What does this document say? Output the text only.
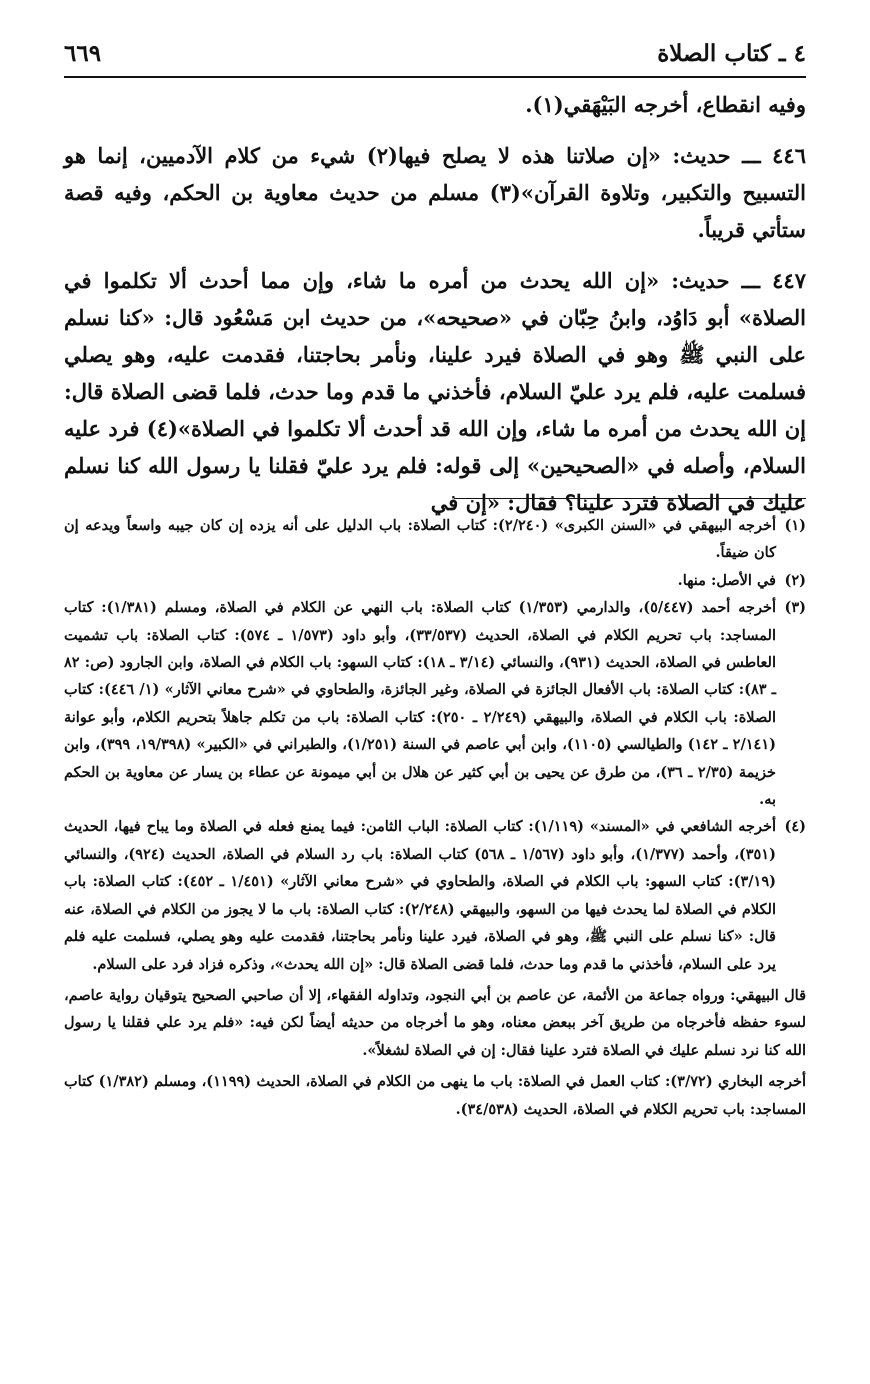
٦٦٩	٤ ـ كتاب الصلاة

وفيه انقطاع، أخرجه البَيْهَقي(١).

٤٤٦ ـــ حديث: «إن صلاتنا هذه لا يصلح فيها(٢) شيء من كلام الآدميين، إنما هو التسبيح والتكبير، وتلاوة القرآن»(٣) مسلم من حديث معاوية بن الحكم، وفيه قصة ستأتي قريباً.

٤٤٧ ـــ حديث: «إن الله يحدث من أمره ما شاء، وإن مما أحدث ألا تكلموا في الصلاة» أبو دَاوُد، وابنُ حِبّان في «صحيحه»، من حديث ابن مَسْعُود قال: «كنا نسلم على النبي ﷺ وهو في الصلاة فيرد علينا، ونأمر بحاجتنا، فقدمت عليه، وهو يصلي فسلمت عليه، فلم يرد عليّ السلام، فأخذني ما قدم وما حدث، فلما قضى الصلاة قال: إن الله يحدث من أمره ما شاء، وإن الله قد أحدث ألا تكلموا في الصلاة»(٤) فرد عليه السلام، وأصله في «الصحيحين» إلى قوله: فلم يرد عليّ فقلنا يا رسول الله كنا نسلم عليك في الصلاة فترد علينا؟ فقال: «إن في

(١)أخرجه البيهقي في «السنن الكبرى» (٢/٢٤٠): كتاب الصلاة: باب الدليل على أنه يزده إن كان جيبه واسعاً ويدعه إن كان ضيقاً.

(٢)في الأصل: منها.

(٣)أخرجه أحمد (٥/٤٤٧)، والدارمي (١/٣٥٣) كتاب الصلاة: باب النهي عن الكلام في الصلاة، ومسلم (١/٣٨١): كتاب المساجد: باب تحريم الكلام في الصلاة، الحديث (٣٣/٥٣٧)، وأبو داود (١/٥٧٣ ـ ٥٧٤): كتاب الصلاة: باب تشميت العاطس في الصلاة، الحديث (٩٣١)، والنسائي (٣/١٤ ـ ١٨): كتاب السهو: باب الكلام في الصلاة، وابن الجارود (ص: ٨٢ ـ ٨٣): كتاب الصلاة: باب الأفعال الجائزة في الصلاة، وغير الجائزة، والطحاوي في «شرح معاني الآثار» (١/ ٤٤٦): كتاب الصلاة: باب الكلام في الصلاة، والبيهقي (٢/٢٤٩ ـ ٢٥٠): كتاب الصلاة: باب من تكلم جاهلاً بتحريم الكلام، وأبو عوانة (٢/١٤١ ـ ١٤٢) والطيالسي (١١٠٥)، وابن أبي عاصم في السنة (١/٢٥١)، والطبراني في «الكبير» (١٩/٣٩٨، ٣٩٩)، وابن خزيمة (٢/٣٥ ـ ٣٦)، من طرق عن يحيى بن أبي كثير عن هلال بن أبي ميمونة عن عطاء بن يسار عن معاوية بن الحكم به.

(٤)أخرجه الشافعي في «المسند» (١/١١٩): كتاب الصلاة: الباب الثامن: فيما يمنع فعله في الصلاة وما يباح فيها، الحديث (٣٥١)، وأحمد (١/٣٧٧)، وأبو داود (١/٥٦٧ ـ ٥٦٨) كتاب الصلاة: باب رد السلام في الصلاة، الحديث (٩٢٤)، والنسائي (٣/١٩): كتاب السهو: باب الكلام في الصلاة، والطحاوي في «شرح معاني الآثار» (١/٤٥١ ـ ٤٥٢): كتاب الصلاة: باب الكلام في الصلاة لما يحدث فيها من السهو، والبيهقي (٢/٢٤٨): كتاب الصلاة: باب ما لا يجوز من الكلام في الصلاة، عنه قال: «كنا نسلم على النبي ﷺ، وهو في الصلاة، فيرد علينا ونأمر بحاجتنا، فقدمت عليه وهو يصلي، فسلمت عليه فلم يرد على السلام، فأخذني ما قدم وما حدث، فلما قضى الصلاة قال: «إن الله يحدث»، وذكره فزاد فرد على السلام.

قال البيهقي: ورواه جماعة من الأئمة، عن عاصم بن أبي النجود، وتداوله الفقهاء، إلا أن صاحبي الصحيح يتوقيان رواية عاصم، لسوء حفظه فأخرجاه من طريق آخر ببعض معناه، وهو ما أخرجاه من حديثه أيضاً لكن فيه: «فلم يرد علي فقلنا يا رسول الله كنا نرد نسلم عليك في الصلاة فترد علينا فقال: إن في الصلاة لشغلاً».

أخرجه البخاري (٣/٧٢): كتاب العمل في الصلاة: باب ما ينهى من الكلام في الصلاة، الحديث (١١٩٩)، ومسلم (١/٣٨٢) كتاب المساجد: باب تحريم الكلام في الصلاة، الحديث (٣٤/٥٣٨).
